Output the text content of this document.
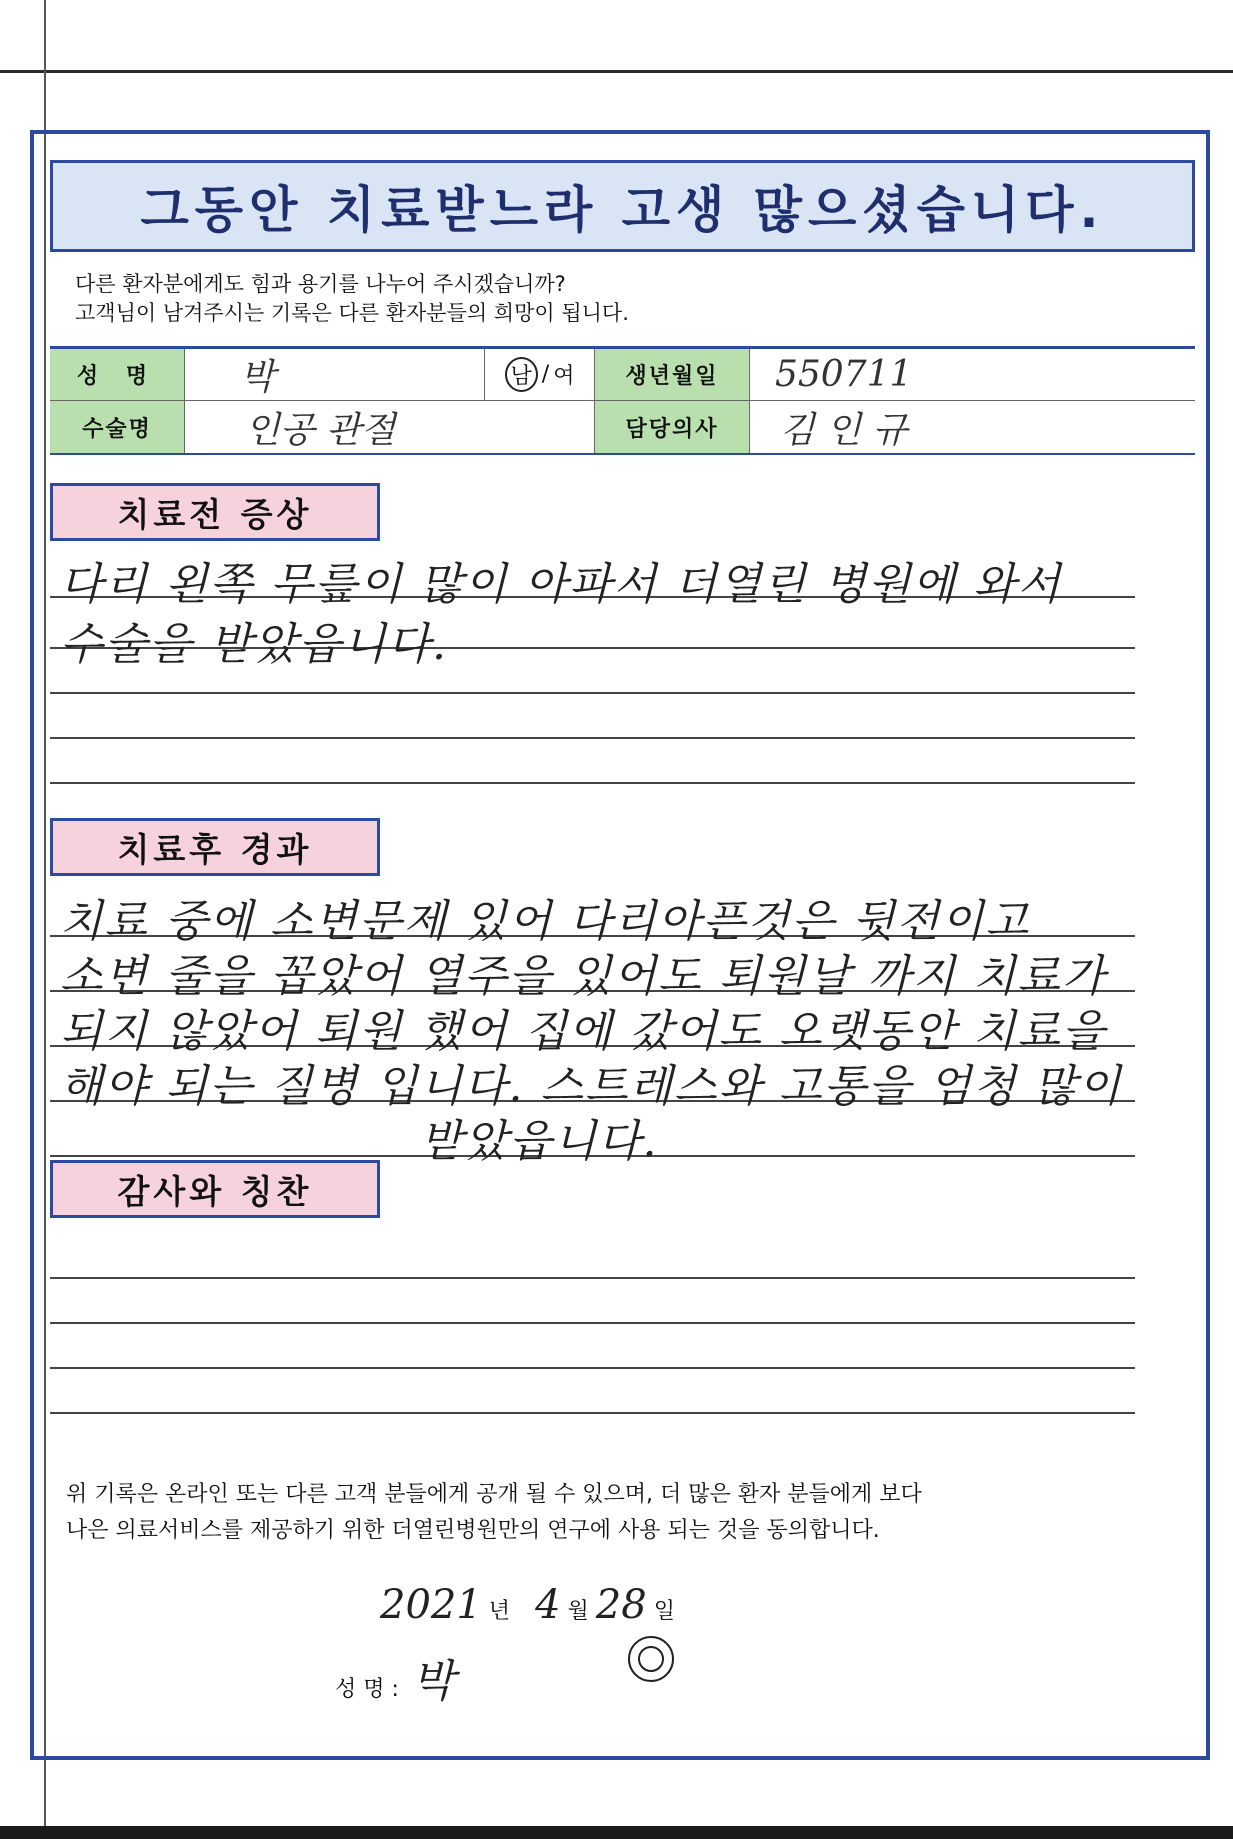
그동안 치료받느라 고생 많으셨습니다.
다른 환자분에게도 힘과 용기를 나누어 주시겠습니까?
고객님이 남겨주시는 기록은 다른 환자분들의 희망이 됩니다.
성 명	박	남 / 여	생년월일	550711
수술명	인공 관절	담당의사	김 인 규
치료전 증상
다리 왼쪽 무릎이 많이 아파서 더열린 병원에 와서
수술을 받았읍니다.
치료후 경과
치료 중에 소변문제 있어 다리아픈것은 뒷전이고
소변 줄을 꼽았어 열주을 있어도 퇴원날 까지 치료가
되지 않았어 퇴원 했어 집에 갔어도 오랫동안 치료을
해야 되는 질병 입니다. 스트레스와 고통을 엄청 많이
받았읍니다.
감사와 칭찬
위 기록은 온라인 또는 다른 고객 분들에게 공개 될 수 있으며, 더 많은 환자 분들에게 보다
나은 의료서비스를 제공하기 위한 더열린병원만의 연구에 사용 되는 것을 동의합니다.
2021 년 4 월 28 일
성 명 : 박
